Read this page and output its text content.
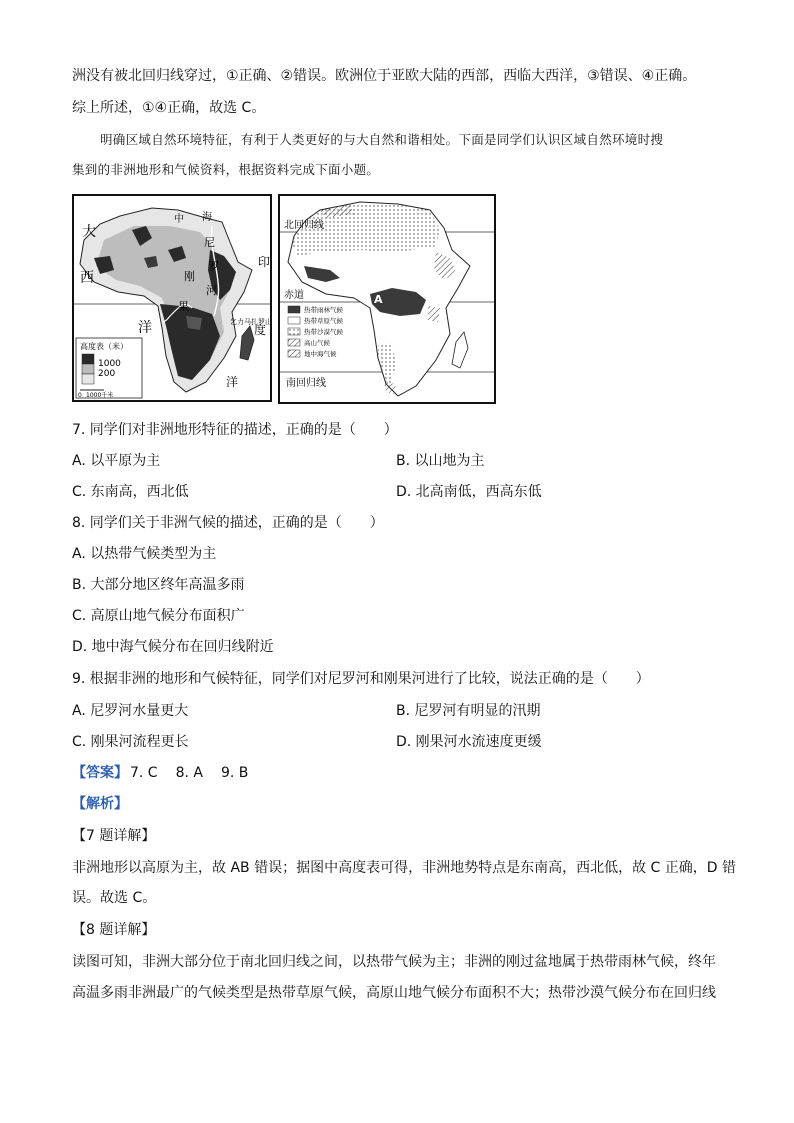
洲没有被北回归线穿过，①正确、②错误。欧洲位于亚欧大陆的西部，西临大西洋，③错误、④正确。
综上所述，①④正确，故选 C。
明确区域自然环境特征，有利于人类更好的与大自然和谐相处。下面是同学们认识区域自然环境时搜
集到的非洲地形和气候资料，根据资料完成下面小题。
大
西
洋
中 海
尼
罗
河
刚
果
印
度
洋
乞力马扎罗山
高度表（米）
1000
200
0 1000千米
A
北回归线
赤道
南回归线
热带雨林气候
热带草原气候
热带沙漠气候
高山气候
地中海气候
7. 同学们对非洲地形特征的描述，正确的是（　　）
A. 以平原为主	B. 以山地为主
C. 东南高，西北低	D. 北高南低，西高东低
8. 同学们关于非洲气候的描述，正确的是（　　）
A. 以热带气候类型为主
B. 大部分地区终年高温多雨
C. 高原山地气候分布面积广
D. 地中海气候分布在回归线附近
9. 根据非洲的地形和气候特征，同学们对尼罗河和刚果河进行了比较，说法正确的是（　　）
A. 尼罗河水量更大	B. 尼罗河有明显的汛期
C. 刚果河流程更长	D. 刚果河水流速度更缓
【答案】 7. C 8. A 9. B
【解析】
【7 题详解】
非洲地形以高原为主，故 AB 错误；据图中高度表可得，非洲地势特点是东南高，西北低，故 C 正确，D 错
误。故选 C。
【8 题详解】
读图可知，非洲大部分位于南北回归线之间，以热带气候为主；非洲的刚过盆地属于热带雨林气候，终年
高温多雨非洲最广的气候类型是热带草原气候，高原山地气候分布面积不大；热带沙漠气候分布在回归线
